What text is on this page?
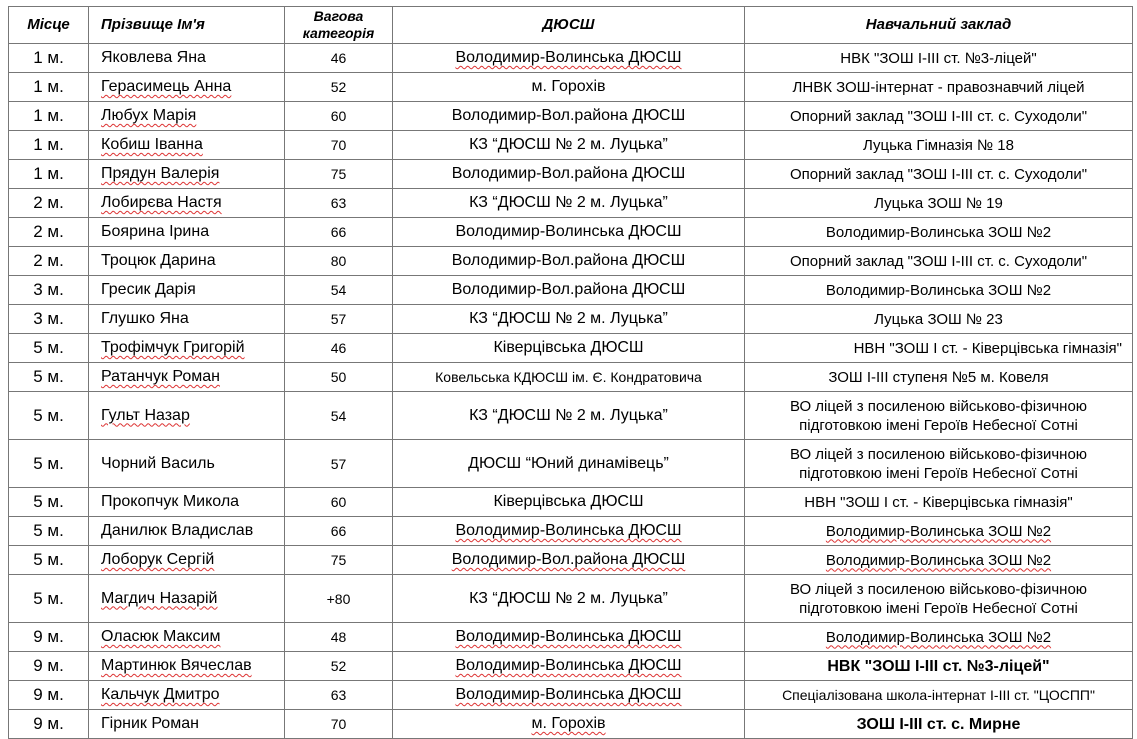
Місце	Прізвище Ім'я	Вагова категорія	ДЮСШ	Навчальний заклад
1 м.	Яковлева Яна	46	Володимир-Волинська ДЮСШ	НВК "ЗОШ І-ІІІ ст. №3-ліцей"
1 м.	Герасимець Анна	52	м. Горохів	ЛНВК ЗОШ-інтернат - правознавчий ліцей
1 м.	Любух Марія	60	Володимир-Вол.района ДЮСШ	Опорний заклад "ЗОШ І-ІІІ ст. с. Суходоли"
1 м.	Кобиш Іванна	70	КЗ “ДЮСШ № 2 м. Луцька”	Луцька Гімназія № 18
1 м.	Прядун Валерія	75	Володимир-Вол.района ДЮСШ	Опорний заклад "ЗОШ І-ІІІ ст. с. Суходоли"
2 м.	Лобирєва Настя	63	КЗ “ДЮСШ № 2 м. Луцька”	Луцька ЗОШ № 19
2 м.	Боярина Ірина	66	Володимир-Волинська ДЮСШ	Володимир-Волинська ЗОШ №2
2 м.	Троцюк Дарина	80	Володимир-Вол.района ДЮСШ	Опорний заклад "ЗОШ І-ІІІ ст. с. Суходоли"
3 м.	Гресик Дарія	54	Володимир-Вол.района ДЮСШ	Володимир-Волинська ЗОШ №2
3 м.	Глушко Яна	57	КЗ “ДЮСШ № 2 м. Луцька”	Луцька ЗОШ № 23
5 м.	Трофімчук Григорій	46	Ківерцівська ДЮСШ	НВН "ЗОШ І ст. - Ківерцівська гімназія"
5 м.	Ратанчук Роман	50	Ковельська КДЮСШ ім. Є. Кондратовича	ЗОШ І-ІІІ ступеня №5 м. Ковеля
5 м.	Гульт‌ Назар	54	КЗ “ДЮСШ № 2 м. Луцька”	ВО ліцей з посиленою військово-фізичною підготовкою імені Героїв Небесної Сотні
5 м.	Чорний Василь	57	ДЮСШ “Юний динамівець”	ВО ліцей з посиленою військово-фізичною підготовкою імені Героїв Небесної Сотні
5 м.	Прокопчук Микола	60	Ківерцівська ДЮСШ	НВН "ЗОШ І ст. - Ківерцівська гімназія"
5 м.	Данилюк Владислав	66	Володимир-Волинська ДЮСШ	Володимир-Волинська ЗОШ №2
5 м.	Лоборук Сергій	75	Володимир-Вол.района ДЮСШ	Володимир-Волинська ЗОШ №2
5 м.	Магдич Назарій	+80	КЗ “ДЮСШ № 2 м. Луцька”	ВО ліцей з посиленою військово-фізичною підготовкою імені Героїв Небесної Сотні
9 м.	Оласюк Максим	48	Володимир-Волинська ДЮСШ	Володимир-Волинська ЗОШ №2
9 м.	Мартинюк Вячеслав	52	Володимир-Волинська ДЮСШ	НВК "ЗОШ І-ІІІ ст. №3-ліцей"
9 м.	Кальчук Дмитро	63	Володимир-Волинська ДЮСШ	Спеціалізована школа-інтернат І-ІІІ ст. "ЦОСПП"
9 м.	Гірник Роман	70	м. Горохів	ЗОШ І-ІІІ ст. с. Мирне
